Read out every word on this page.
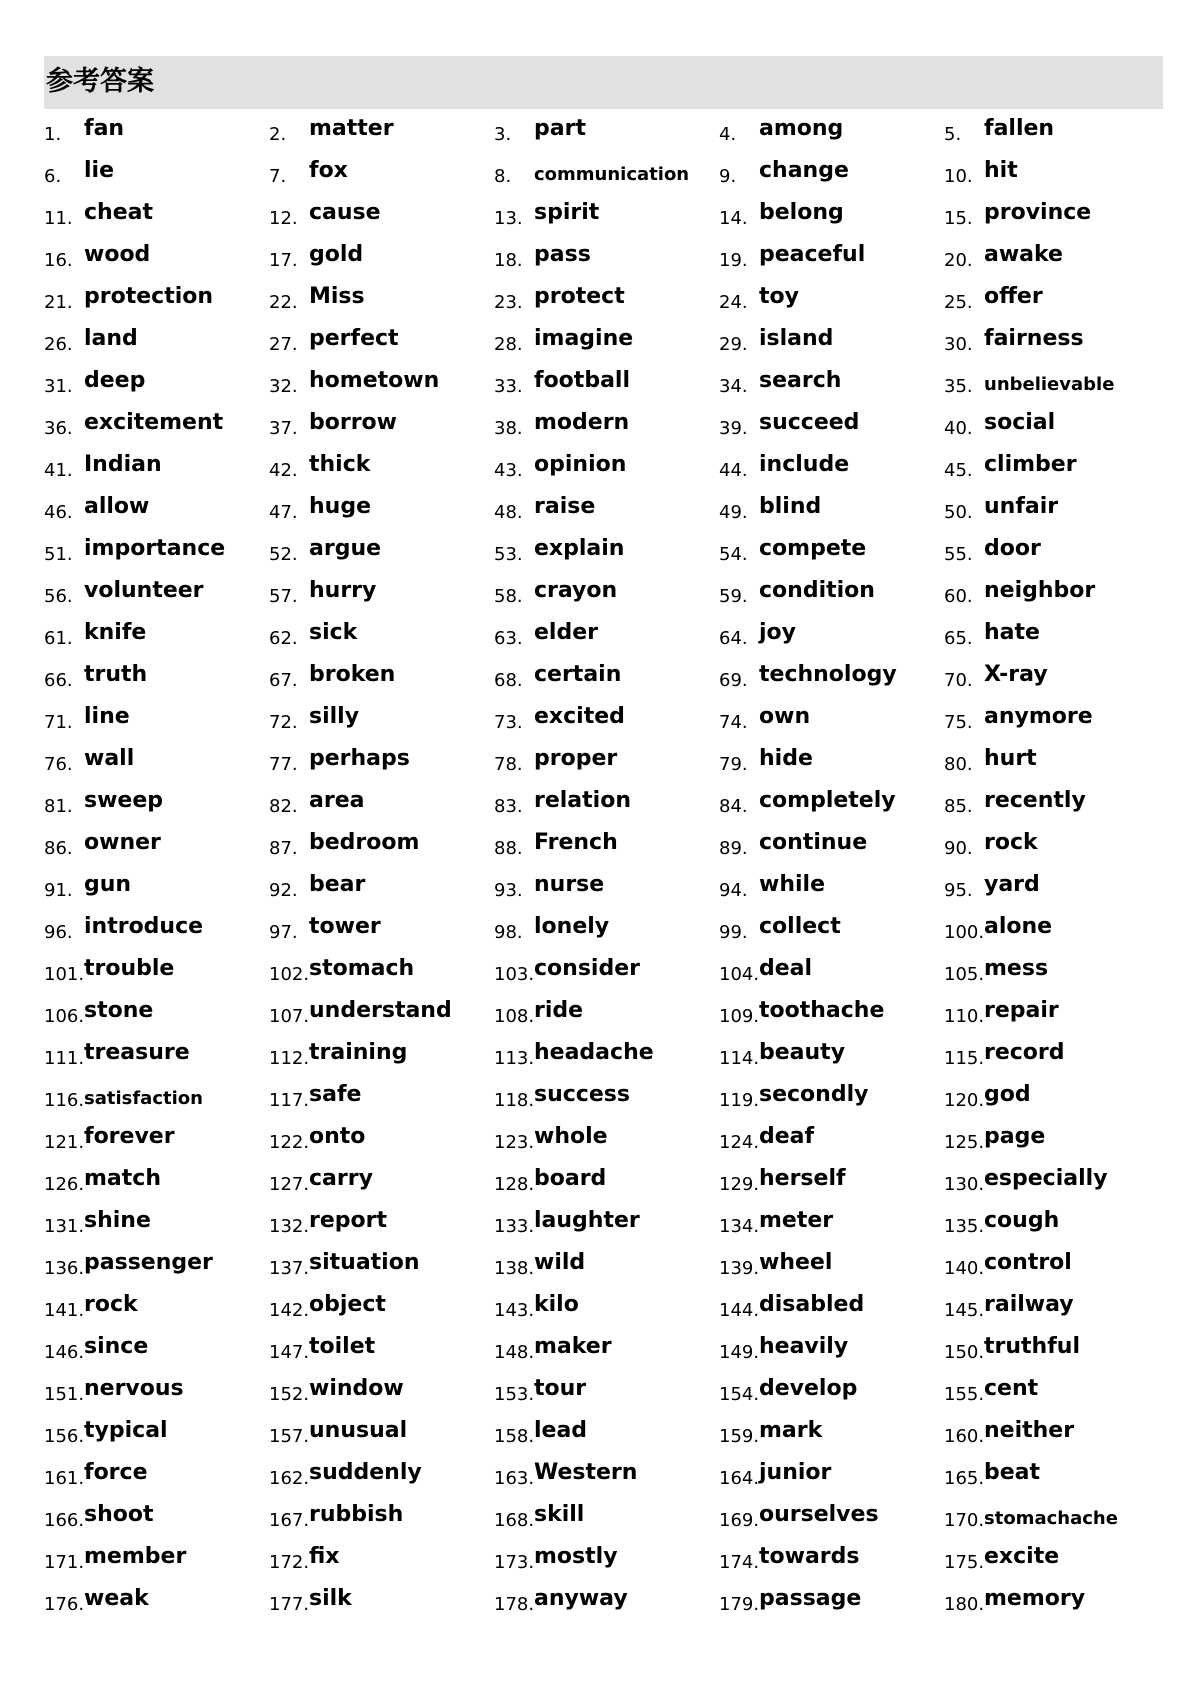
参考答案
1. fan	2. matter	3. part	4. among	5. fallen
6. lie	7. fox	8. communication 9. change	10. hit
11. cheat	12. cause	13. spirit	14. belong	15. province
16. wood	17. gold	18. pass	19. peaceful	20. awake
21. protection	22. Miss	23. protect	24. toy	25. offer
26. land	27. perfect	28. imagine	29. island	30. fairness
31. deep	32. hometown	33. football	34. search	35. unbelievable
36. excitement	37. borrow	38. modern	39. succeed	40. social
41. Indian	42. thick	43. opinion	44. include	45. climber
46. allow	47. huge	48. raise	49. blind	50. unfair
51. importance 52. argue	53. explain	54. compete	55. door
56. volunteer	57. hurry	58. crayon	59. condition	60. neighbor
61. knife	62. sick	63. elder	64. joy	65. hate
66. truth	67. broken	68. certain	69. technology	70. X-ray
71. line	72. silly	73. excited	74. own	75. anymore
76. wall	77. perhaps	78. proper	79. hide	80. hurt
81. sweep	82. area	83. relation	84. completely	85. recently
86. owner	87. bedroom	88. French	89. continue	90. rock
91. gun	92. bear	93. nurse	94. while	95. yard
96. introduce	97. tower	98. lonely	99. collect	100. alone
101. trouble	102. stomach	103. consider	104. deal	105. mess
106. stone	107. understand 108. ride	109. toothache	110. repair
111. treasure	112. training	113. headache	114. beauty	115. record
116. satisfaction	117. safe	118. success	119. secondly	120. god
121. forever	122. onto	123. whole	124. deaf	125. page
126. match	127. carry	128. board	129. herself	130. especially
131. shine	132. report	133. laughter	134. meter	135. cough
136. passenger	137. situation	138. wild	139. wheel	140. control
141. rock	142. object	143. kilo	144. disabled	145. railway
146. since	147. toilet	148. maker	149. heavily	150. truthful
151. nervous	152. window	153. tour	154. develop	155. cent
156. typical	157. unusual	158. lead	159. mark	160. neither
161. force	162. suddenly	163. Western	164. junior	165. beat
166. shoot	167. rubbish	168. skill	169. ourselves	170. stomachache
171. member	172. fix	173. mostly	174. towards	175. excite
176. weak	177. silk	178. anyway	179. passage	180. memory
